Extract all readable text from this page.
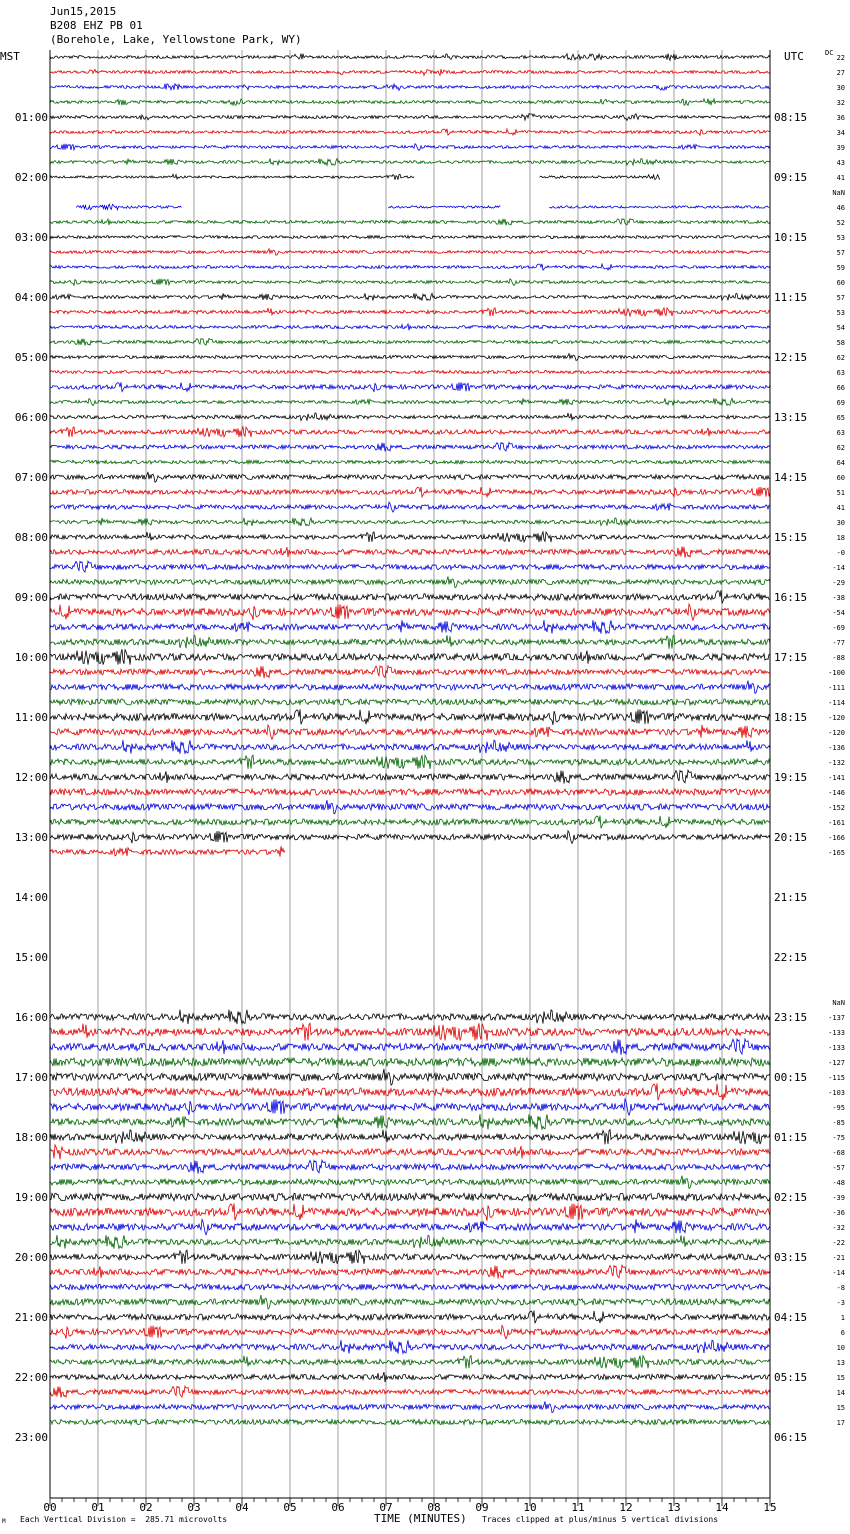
01:00
02:00
03:00
04:00
05:00
06:00
07:00
08:00
09:00
10:00
11:00
12:00
13:00
14:00
15:00
16:00
17:00
18:00
19:00
20:00
21:00
22:00
23:00
08:15
09:15
10:15
11:15
12:15
13:15
14:15
15:15
16:15
17:15
18:15
19:15
20:15
21:15
22:15
23:15
00:15
01:15
02:15
03:15
04:15
05:15
06:15
22
27
30
32
36
34
39
43
41
NaN
46
52
53
57
59
60
57
53
54
58
62
63
66
69
65
63
62
64
60
51
41
30
18
-0
-14
-29
-38
-54
-69
-77
-88
-100
-111
-114
-120
-120
-136
-132
-141
-146
-152
-161
-166
-165
NaN
-137
-133
-133
-127
-115
-103
-95
-85
-75
-68
-57
-48
-39
-36
-32
-22
-21
-14
-8
-3
1
6
10
13
15
14
15
17
00	01	02	03	04	05	06	07	08	09	10	11	12	13	14	15
Jun15,2015
B208 EHZ PB 01
(Borehole, Lake, Yellowstone Park, WY)
MST	UTC	DC
M Each Vertical Division =  285.71 microvolts	TIME (MINUTES) Traces clipped at plus/minus 5 vertical divisions
